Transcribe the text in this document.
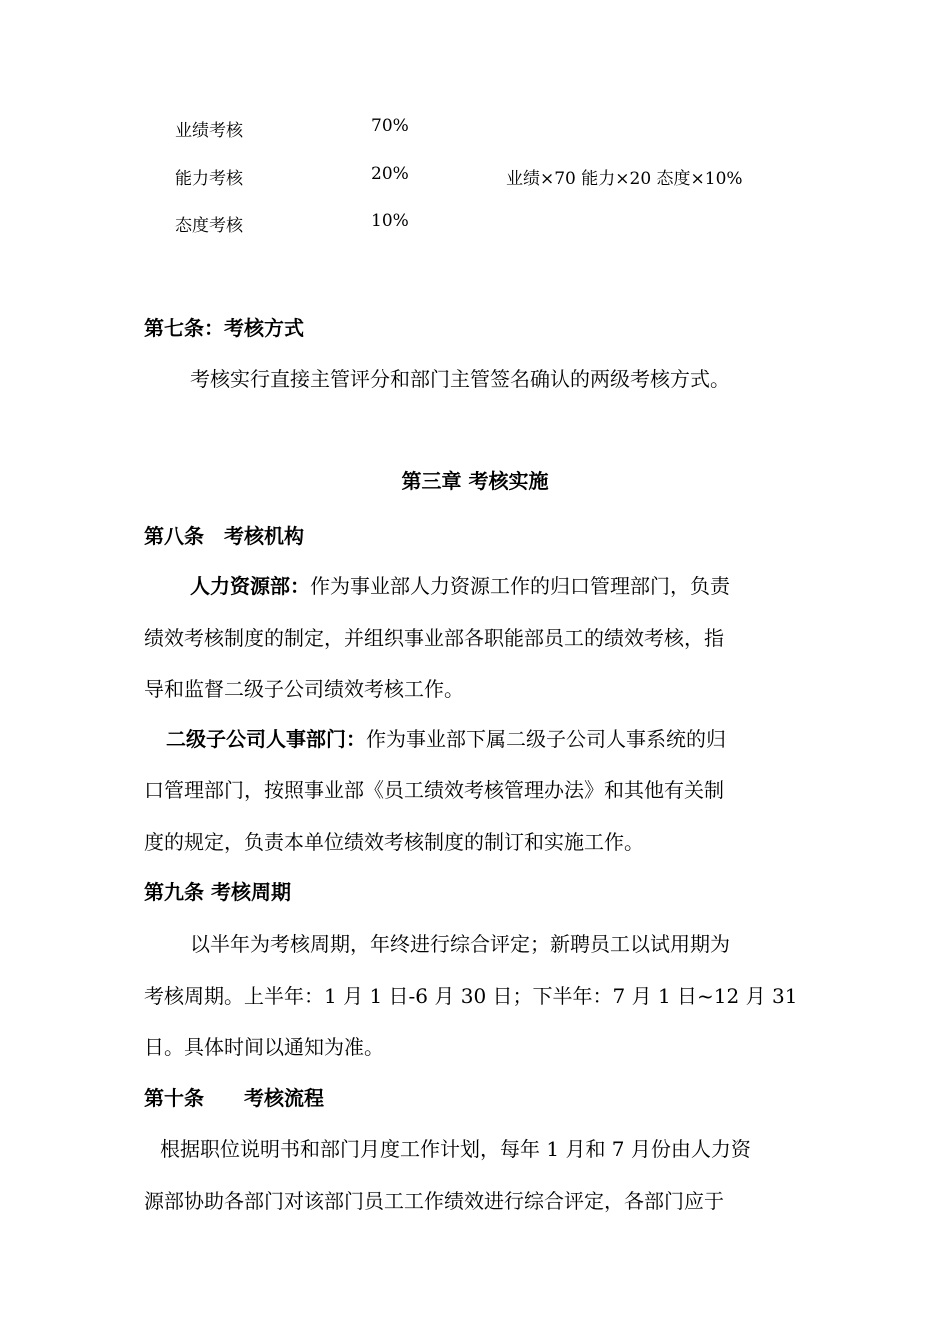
业绩考核	70%
能力考核	20%	业绩×70 能力×20 态度×10%
态度考核	10%
第七条：考核方式
考核实行直接主管评分和部门主管签名确认的两级考核方式。
第三章 考核实施
第八条　考核机构
人力资源部：作为事业部人力资源工作的归口管理部门，负责
绩效考核制度的制定，并组织事业部各职能部员工的绩效考核，指
导和监督二级子公司绩效考核工作。
二级子公司人事部门：作为事业部下属二级子公司人事系统的归
口管理部门，按照事业部《员工绩效考核管理办法》和其他有关制
度的规定，负责本单位绩效考核制度的制订和实施工作。
第九条 考核周期
以半年为考核周期，年终进行综合评定；新聘员工以试用期为
考核周期。上半年：1 月 1 日-6 月 30 日；下半年：7 月 1 日~12 月 31
日。具体时间以通知为准。
第十条　　考核流程
根据职位说明书和部门月度工作计划，每年 1 月和 7 月份由人力资
源部协助各部门对该部门员工工作绩效进行综合评定，各部门应于
